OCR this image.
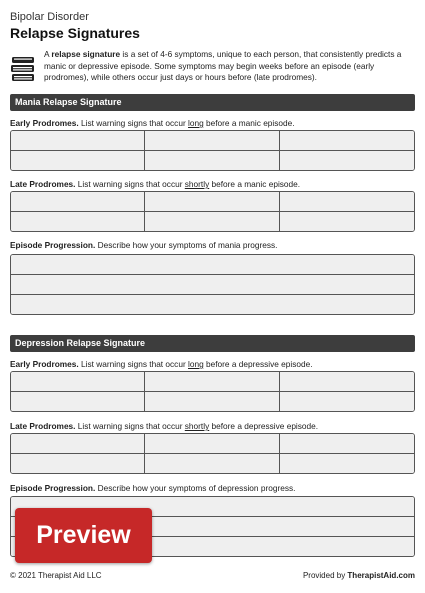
Bipolar Disorder
Relapse Signatures
A relapse signature is a set of 4-6 symptoms, unique to each person, that consistently predicts a manic or depressive episode. Some symptoms may begin weeks before an episode (early prodromes), while others occur just days or hours before (late prodromes).
Mania Relapse Signature
Early Prodromes. List warning signs that occur long before a manic episode.
Late Prodromes. List warning signs that occur shortly before a manic episode.
Episode Progression. Describe how your symptoms of mania progress.
Depression Relapse Signature
Early Prodromes. List warning signs that occur long before a depressive episode.
Late Prodromes. List warning signs that occur shortly before a depressive episode.
Episode Progression. Describe how your symptoms of depression progress.
Preview
© 2021 Therapist Aid LLC	Provided by TherapistAid.com
